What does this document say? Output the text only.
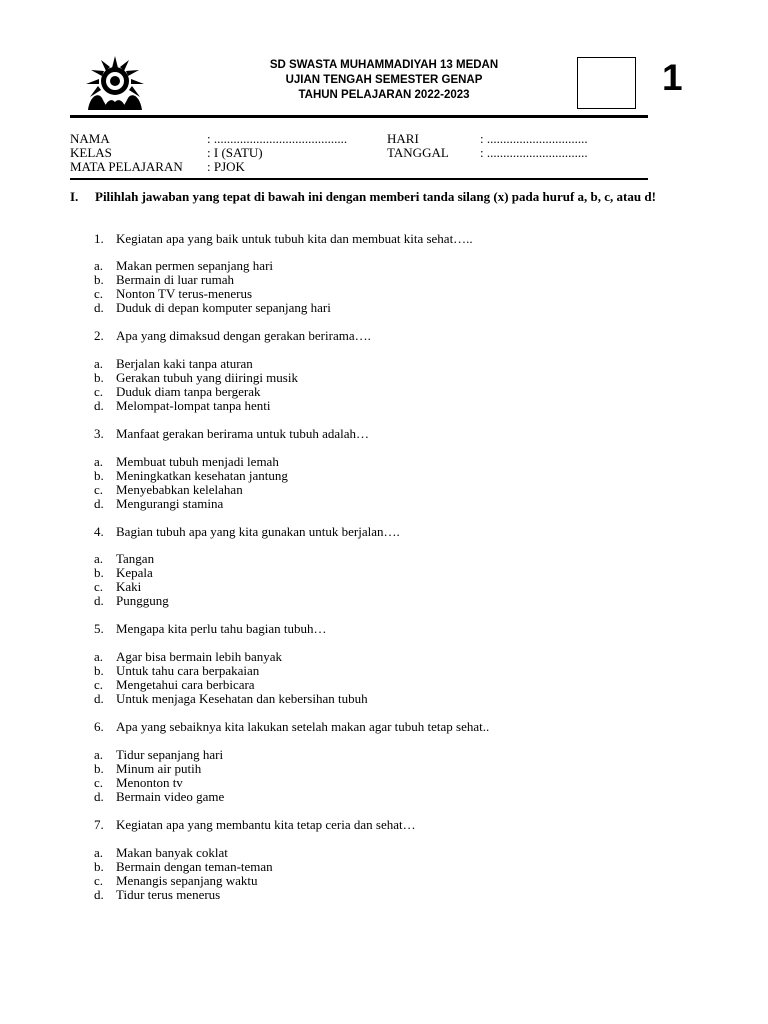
SD SWASTA MUHAMMADIYAH 13 MEDAN
UJIAN TENGAH SEMESTER GENAP
TAHUN PELAJARAN 2022-2023	1
NAMA	: .........................................	HARI	: ...............................
KELAS	: I (SATU)	TANGGAL : ...............................
MATA PELAJARAN : PJOK
I. Pilihlah jawaban yang tepat di bawah ini dengan memberi tanda silang (x) pada huruf a, b, c, atau d!
1. Kegiatan apa yang baik untuk tubuh kita dan membuat kita sehat…..
a. Makan permen sepanjang hari
b. Bermain di luar rumah
c. Nonton TV terus-menerus
d. Duduk di depan komputer sepanjang hari
2. Apa yang dimaksud dengan gerakan berirama….
a. Berjalan kaki tanpa aturan
b. Gerakan tubuh yang diiringi musik
c. Duduk diam tanpa bergerak
d. Melompat-lompat tanpa henti
3. Manfaat gerakan berirama untuk tubuh adalah…
a. Membuat tubuh menjadi lemah
b. Meningkatkan kesehatan jantung
c. Menyebabkan kelelahan
d. Mengurangi stamina
4. Bagian tubuh apa yang kita gunakan untuk berjalan….
a. Tangan
b. Kepala
c. Kaki
d. Punggung
5. Mengapa kita perlu tahu bagian tubuh…
a. Agar bisa bermain lebih banyak
b. Untuk tahu cara berpakaian
c. Mengetahui cara berbicara
d. Untuk menjaga Kesehatan dan kebersihan tubuh
6. Apa yang sebaiknya kita lakukan setelah makan agar tubuh tetap sehat..
a. Tidur sepanjang hari
b. Minum air putih
c. Menonton tv
d. Bermain video game
7. Kegiatan apa yang membantu kita tetap ceria dan sehat…
a. Makan banyak coklat
b. Bermain dengan teman-teman
c. Menangis sepanjang waktu
d. Tidur terus menerus
